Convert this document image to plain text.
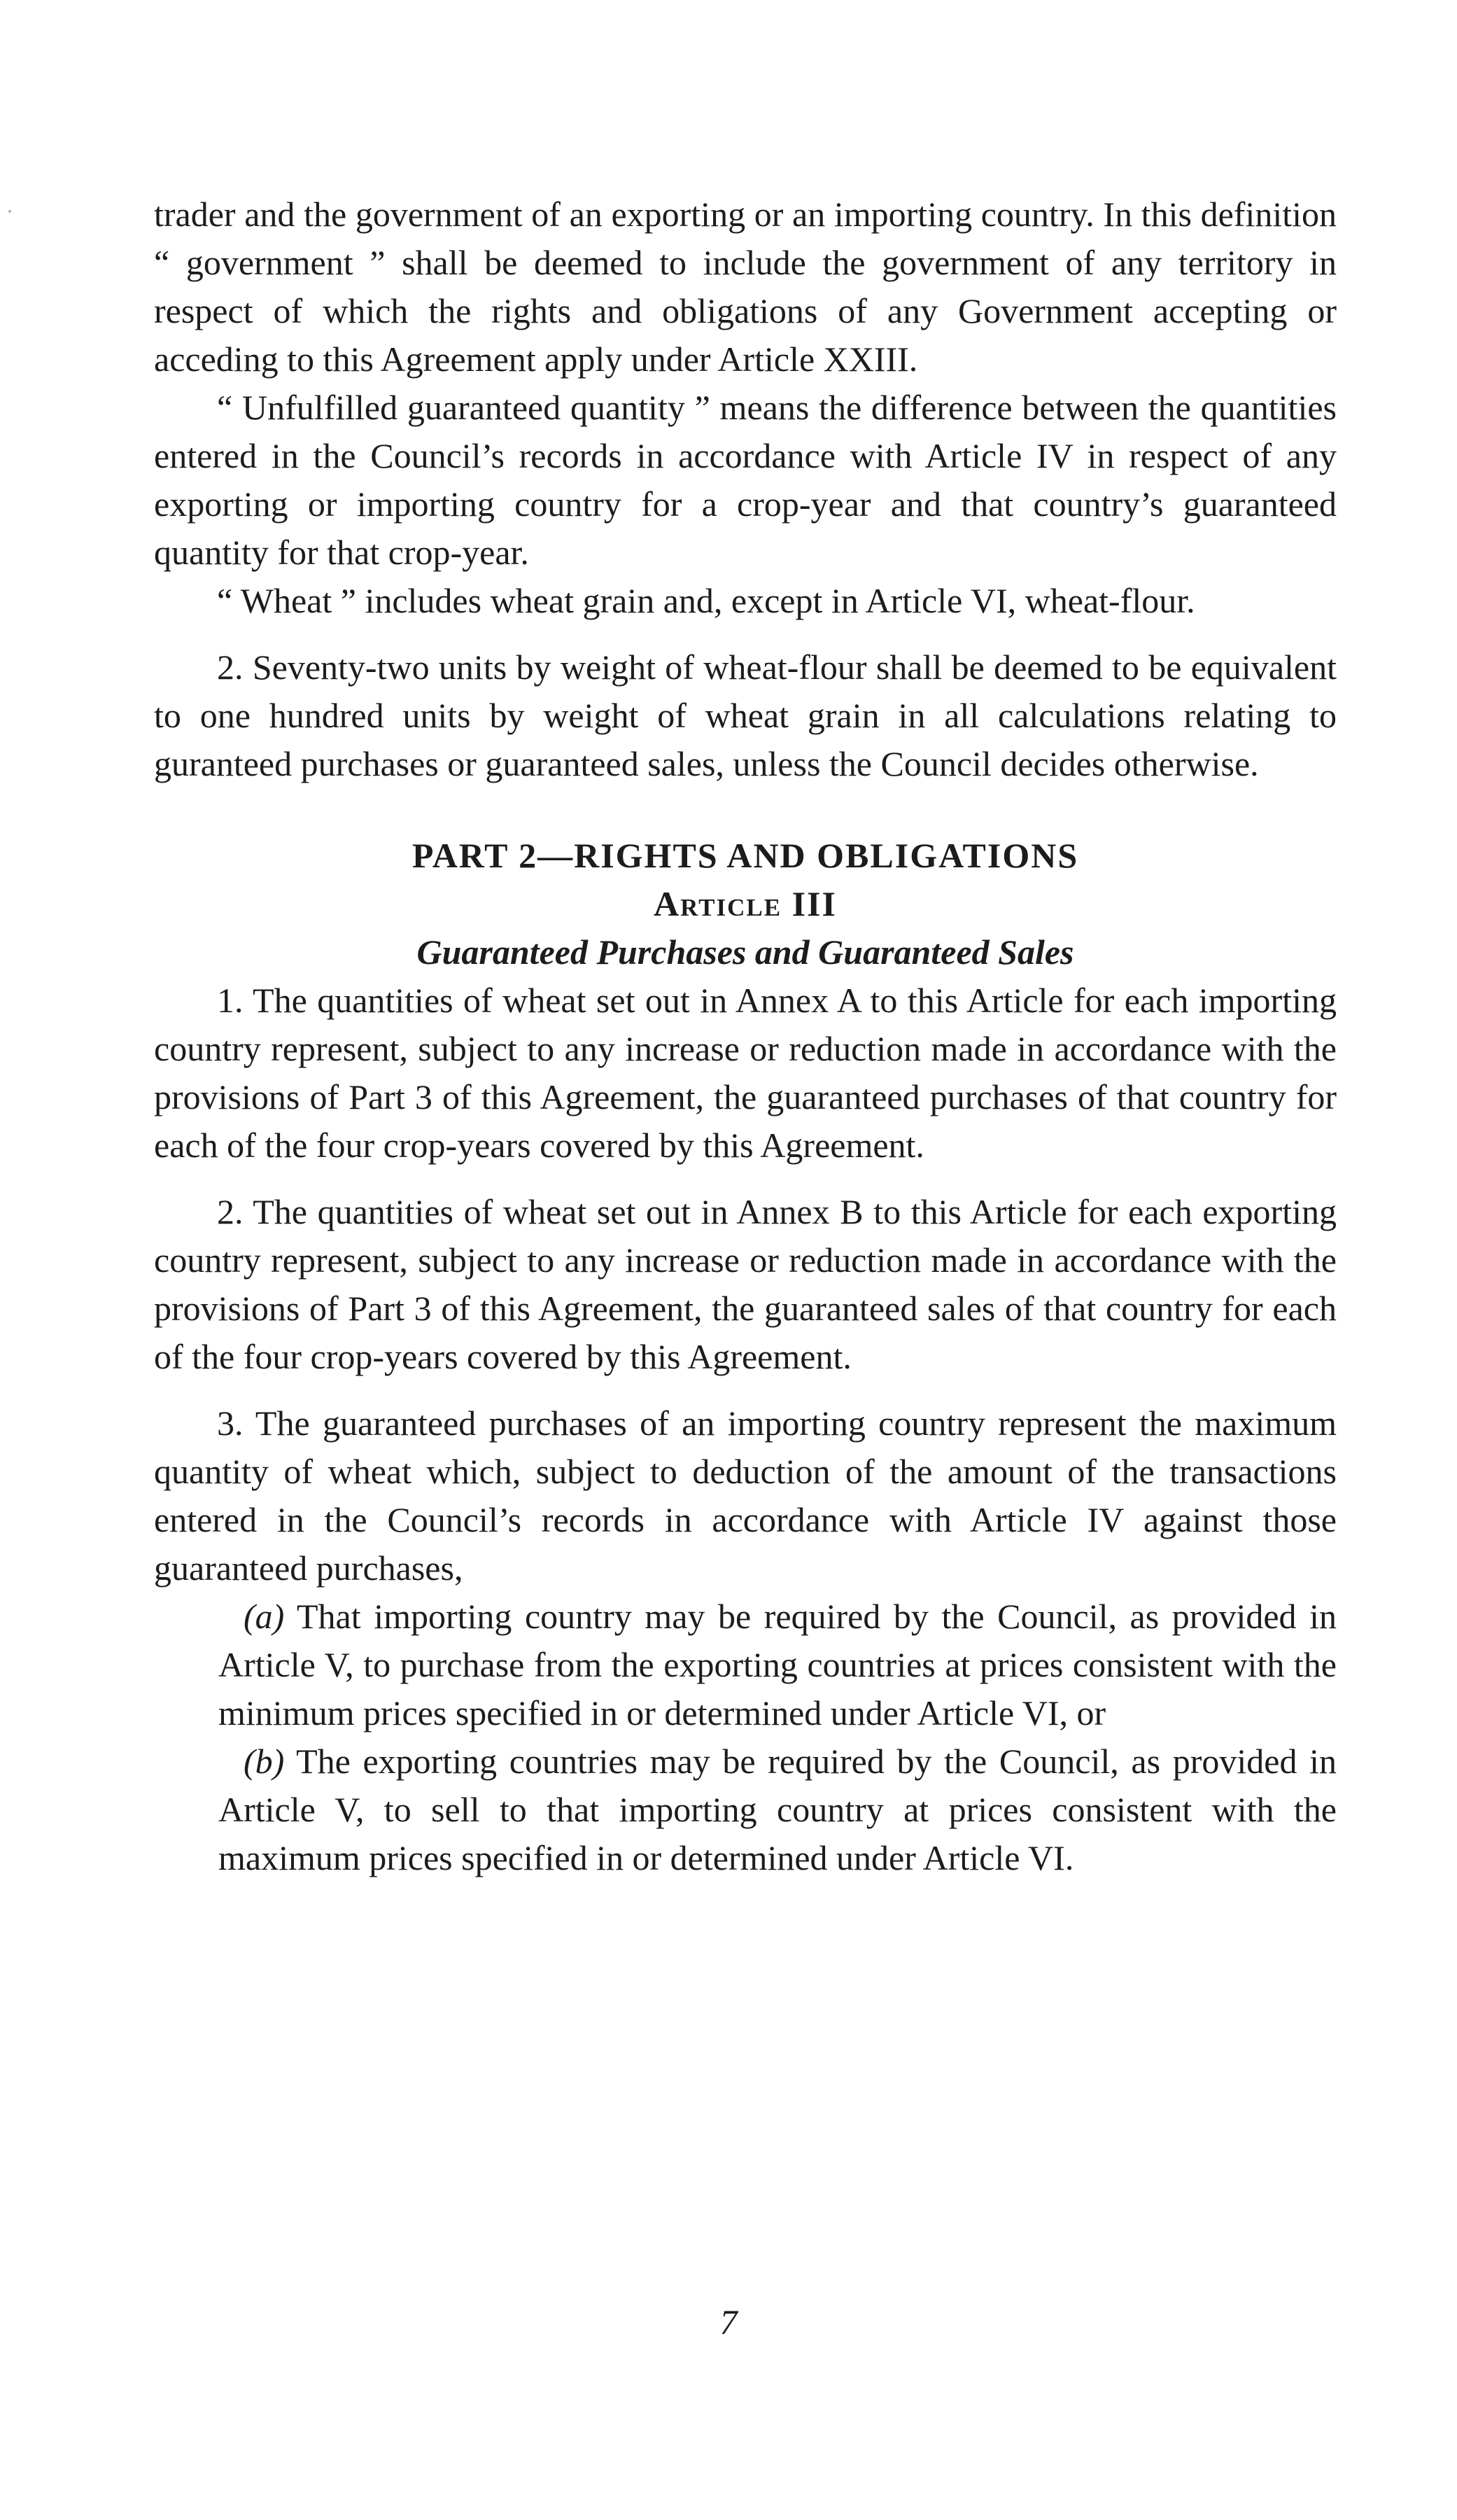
trader and the government of an exporting or an importing country. In this definition “ government ” shall be deemed to include the government of any territory in respect of which the rights and obligations of any Government accepting or acceding to this Agreement apply under Article XXIII.

“ Unfulfilled guaranteed quantity ” means the difference between the quantities entered in the Council’s records in accordance with Article IV in respect of any exporting or importing country for a crop-year and that country’s guaranteed quantity for that crop-year.

“ Wheat ” includes wheat grain and, except in Article VI, wheat-flour.

2. Seventy-two units by weight of wheat-flour shall be deemed to be equivalent to one hundred units by weight of wheat grain in all calculations relating to guranteed purchases or guaranteed sales, unless the Council decides otherwise.

PART 2—RIGHTS AND OBLIGATIONS
Article III
Guaranteed Purchases and Guaranteed Sales

1. The quantities of wheat set out in Annex A to this Article for each importing country represent, subject to any increase or reduction made in accordance with the provisions of Part 3 of this Agreement, the guaranteed purchases of that country for each of the four crop-years covered by this Agreement.

2. The quantities of wheat set out in Annex B to this Article for each exporting country represent, subject to any increase or reduction made in accordance with the provisions of Part 3 of this Agreement, the guaranteed sales of that country for each of the four crop-years covered by this Agreement.

3. The guaranteed purchases of an importing country represent the maximum quantity of wheat which, subject to deduction of the amount of the transactions entered in the Council’s records in accordance with Article IV against those guaranteed purchases,

(a) That importing country may be required by the Council, as provided in Article V, to purchase from the exporting countries at prices consistent with the minimum prices specified in or determined under Article VI, or

(b) The exporting countries may be required by the Council, as provided in Article V, to sell to that importing country at prices consistent with the maximum prices specified in or determined under Article VI.

7
